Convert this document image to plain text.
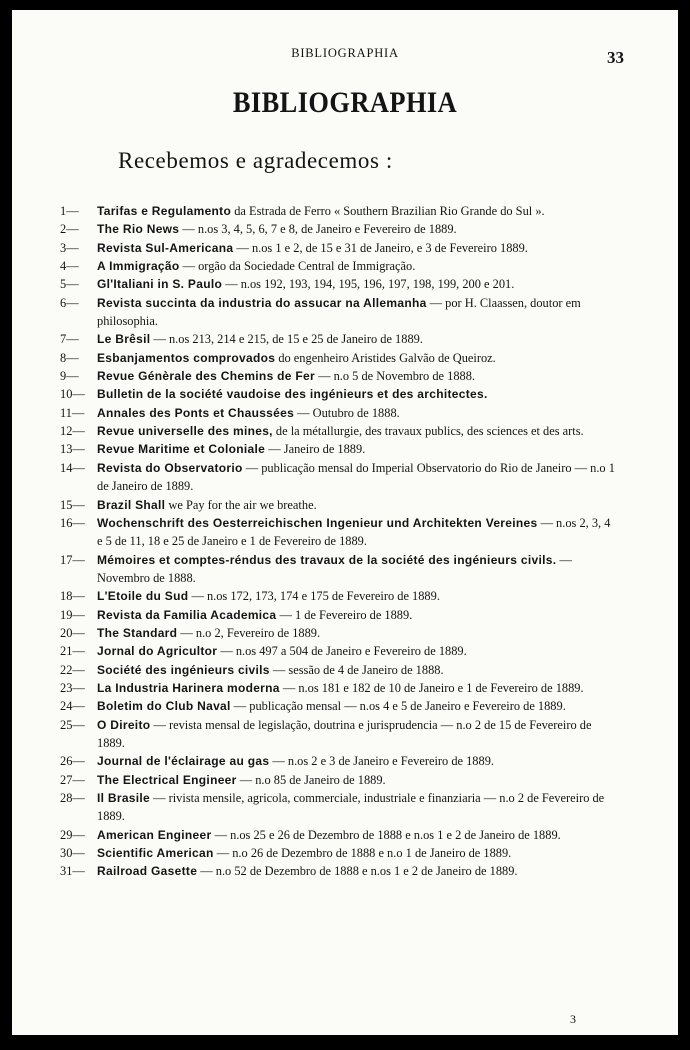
BIBLIOGRAPHIA	33
BIBLIOGRAPHIA
Recebemos e agradecemos :
1—	Tarifas e Regulamento da Estrada de Ferro « Southern Brazilian Rio Grande do Sul ».
2—	The Rio News — n.os 3, 4, 5, 6, 7 e 8, de Janeiro e Fevereiro de 1889.
3—	Revista Sul-Americana — n.os 1 e 2, de 15 e 31 de Janeiro, e 3 de Fevereiro 1889.
4—	A Immigração — orgão da Sociedade Central de Immigração.
5—	Gl'Italiani in S. Paulo — n.os 192, 193, 194, 195, 196, 197, 198, 199, 200 e 201.
6—	Revista succinta da industria do assucar na Allemanha — por H. Claassen, doutor em philosophia.
7—	Le Brêsil — n.os 213, 214 e 215, de 15 e 25 de Janeiro de 1889.
8—	Esbanjamentos comprovados do engenheiro Aristides Galvão de Queiroz.
9—	Revue Génèrale des Chemins de Fer — n.o 5 de Novembro de 1888.
10—	Bulletin de la société vaudoise des ingénieurs et des architectes.
11—	Annales des Ponts et Chaussées — Outubro de 1888.
12—	Revue universelle des mines, de la métallurgie, des travaux publics, des sciences et des arts.
13—	Revue Maritime et Coloniale — Janeiro de 1889.
14—	Revista do Observatorio — publicação mensal do Imperial Observatorio do Rio de Janeiro — n.o 1 de Janeiro de 1889.
15—	Brazil Shall we Pay for the air we breathe.
16—	Wochenschrift des Oesterreichischen Ingenieur und Architekten Vereines — n.os 2, 3, 4 e 5 de 11, 18 e 25 de Janeiro e 1 de Fevereiro de 1889.
17—	Mémoires et comptes-réndus des travaux de la société des ingénieurs civils. — Novembro de 1888.
18—	L'Etoile du Sud — n.os 172, 173, 174 e 175 de Fevereiro de 1889.
19—	Revista da Familia Academica — 1 de Fevereiro de 1889.
20—	The Standard — n.o 2, Fevereiro de 1889.
21—	Jornal do Agricultor — n.os 497 a 504 de Janeiro e Fevereiro de 1889.
22—	Société des ingénieurs civils — sessão de 4 de Janeiro de 1888.
23—	La Industria Harinera moderna — n.os 181 e 182 de 10 de Janeiro e 1 de Fevereiro de 1889.
24—	Boletim do Club Naval — publicação mensal — n.os 4 e 5 de Janeiro e Fevereiro de 1889.
25—	O Direito — revista mensal de legislação, doutrina e jurisprudencia — n.o 2 de 15 de Fevereiro de 1889.
26—	Journal de l'éclairage au gas — n.os 2 e 3 de Janeiro e Fevereiro de 1889.
27—	The Electrical Engineer — n.o 85 de Janeiro de 1889.
28—	Il Brasile — rivista mensile, agricola, commerciale, industriale e finanziaria — n.o 2 de Fevereiro de 1889.
29—	American Engineer — n.os 25 e 26 de Dezembro de 1888 e n.os 1 e 2 de Janeiro de 1889.
30—	Scientific American — n.o 26 de Dezembro de 1888 e n.o 1 de Janeiro de 1889.
31—	Railroad Gasette — n.o 52 de Dezembro de 1888 e n.os 1 e 2 de Janeiro de 1889.
3
